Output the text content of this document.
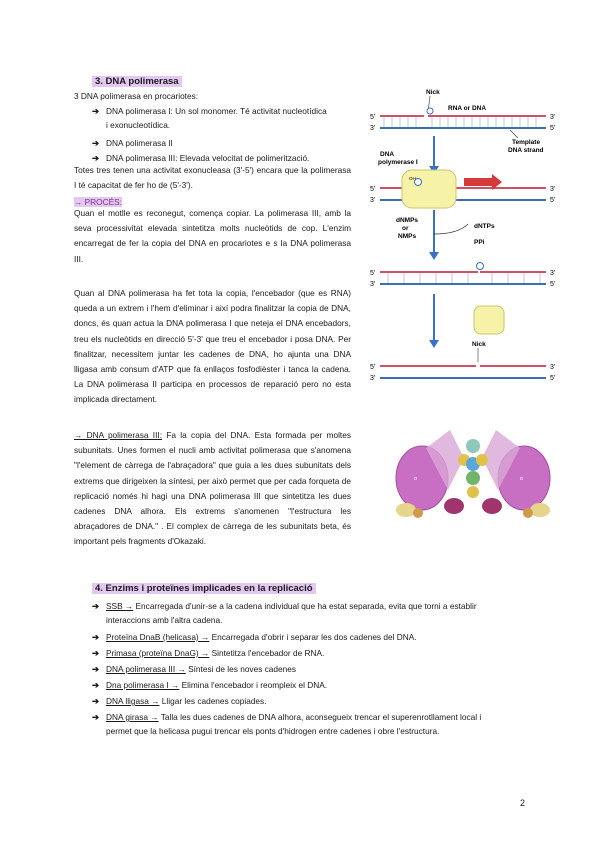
3. DNA polimerasa
3 DNA polimerasa en procariotes:
➔ DNA polimerasa I: Un sol monomer. Té activitat nucleotídica
i exonucleotídica.
➔ DNA polimerasa II
➔ DNA polimerasa III: Elevada velocitat de polimerització.
Totes tres tenen una activitat exonucleasa (3'-5') encara que la polimerasa I té capacitat de fer ho de (5'-3').
→ PROCÉS:
Quan el motlle es reconegut, comença copiar. La polimerasa III, amb la seva processivitat elevada sintetitza molts nucleòtids de cop. L'enzim encarregat de fer la copia del DNA en procariotes e s la DNA polimerasa III.
Quan al DNA polimerasa ha fet tota la copia, l'encebador (que es RNA) queda a un extrem i l'hem d'eliminar i així podra finalitzar la copia de DNA, doncs, és quan actua la DNA polimerasa I que neteja el DNA encebadors, treu els nucleòtids en direcció 5'-3' que treu el encebador i posa DNA. Per finalitzar, necessitem juntar les cadenes de DNA, ho ajunta una DNA lligasa amb consum d'ATP que fa enllaços fosfodièster i tanca la cadena. La DNA polimerasa II participa en processos de reparació pero no esta implicada directament.
→ DNA polimerasa III: Fa la copia del DNA. Esta formada per moltes subunitats. Unes formen el nucli amb activitat polimerasa que s'anomena "l'element de càrrega de l'abraçadora" que guia a les dues subunitats dels extrems que dirigeixen la síntesi, per això permet que per cada forqueta de replicació només hi hagi una DNA polimerasa III que sintetitza les dues cadenes DNA alhora. Els extrems s'anomenen "l'estructura les abraçadores de DNA." . El complex de càrrega de les subunitats beta, és important pels fragments d'Okazaki.
5'
3'
3'
5'
Nick
RNA or DNA
Template
DNA strand
DNA
polymerase I
5'
3'
OH
3'
5'
dNMPs
or
NMPs
dNTPs
PPi
5'
3'
3'
5'
Nick
5'
3'
3'
5'
α	α
4. Enzims i proteïnes implicades en la replicació
➔ SSB → Encarregada d'unir-se a la cadena individual que ha estat separada, evita que torni a establir
interaccions amb l'altra cadena.
➔ Proteïna DnaB (helicasa) → Encarregada d'obrir i separar les dos cadenes del DNA.
➔ Primasa (proteïna DnaG) → Sintetitza l'encebador de RNA.
➔ DNA polimerasa III → Síntesi de les noves cadenes
➔ Dna polimerasa I → Elimina l'encebador i reompleix el DNA.
➔ DNA lligasa → Lligar les cadenes copiades.
➔ DNA girasa → Talla les dues cadenes de DNA alhora, aconsegueix trencar el superenrotllament local i
permet que la helicasa pugui trencar els ponts d'hidrogen entre cadenes i obre l'estructura.
2
